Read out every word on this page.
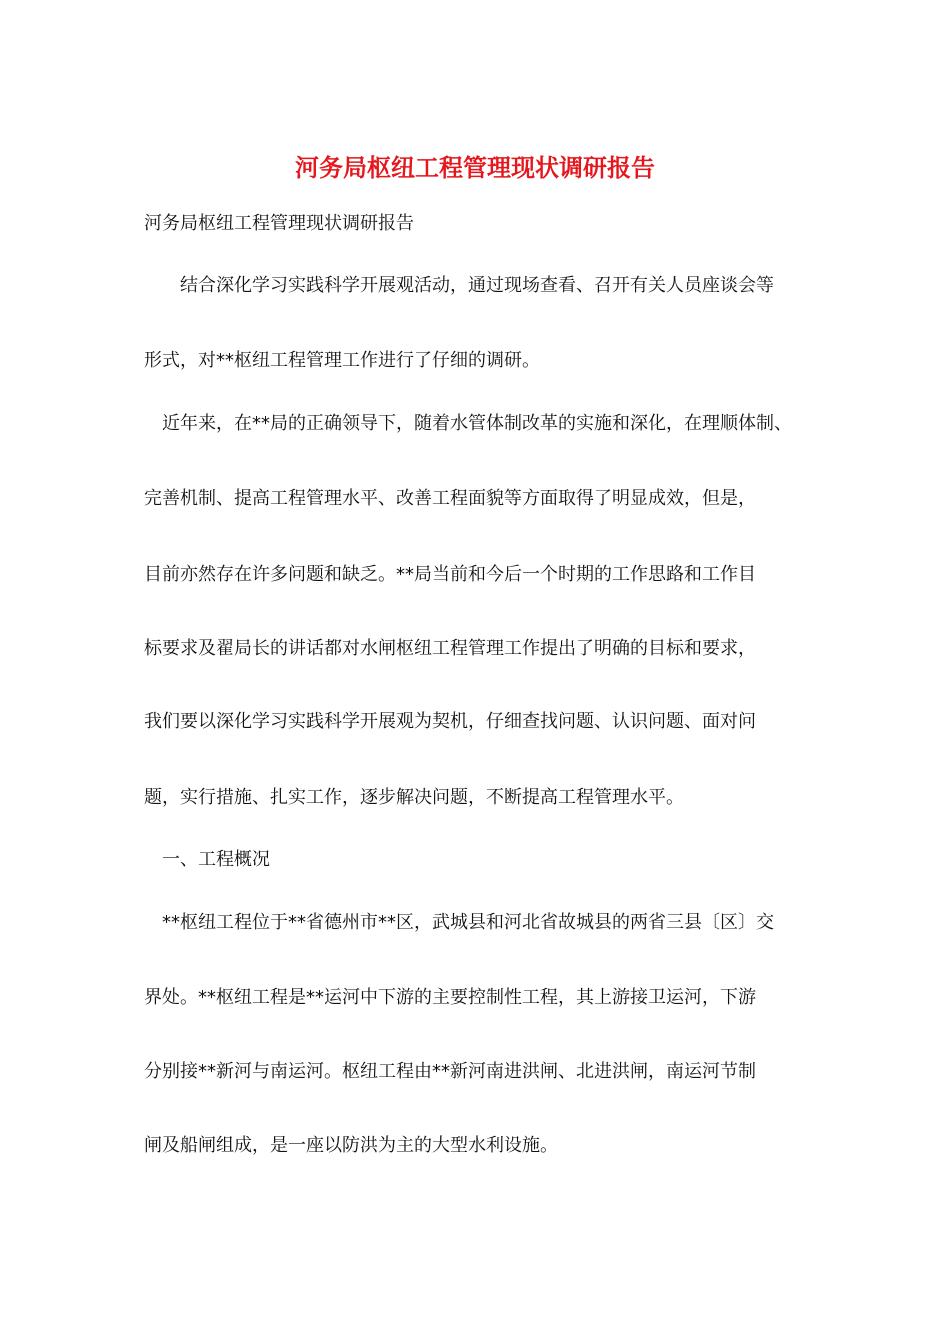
河务局枢纽工程管理现状调研报告

河务局枢纽工程管理现状调研报告

　　结合深化学习实践科学开展观活动，通过现场查看、召开有关人员座谈会等

形式，对**枢纽工程管理工作进行了仔细的调研。

　近年来，在**局的正确领导下，随着水管体制改革的实施和深化，在理顺体制、

完善机制、提高工程管理水平、改善工程面貌等方面取得了明显成效，但是，

目前亦然存在许多问题和缺乏。**局当前和今后一个时期的工作思路和工作目

标要求及翟局长的讲话都对水闸枢纽工程管理工作提出了明确的目标和要求，

我们要以深化学习实践科学开展观为契机，仔细查找问题、认识问题、面对问

题，实行措施、扎实工作，逐步解决问题，不断提高工程管理水平。

　一、工程概况

　**枢纽工程位于**省德州市**区，武城县和河北省故城县的两省三县〔区〕交

界处。**枢纽工程是**运河中下游的主要控制性工程，其上游接卫运河，下游

分别接**新河与南运河。枢纽工程由**新河南进洪闸、北进洪闸，南运河节制

闸及船闸组成，是一座以防洪为主的大型水利设施。
